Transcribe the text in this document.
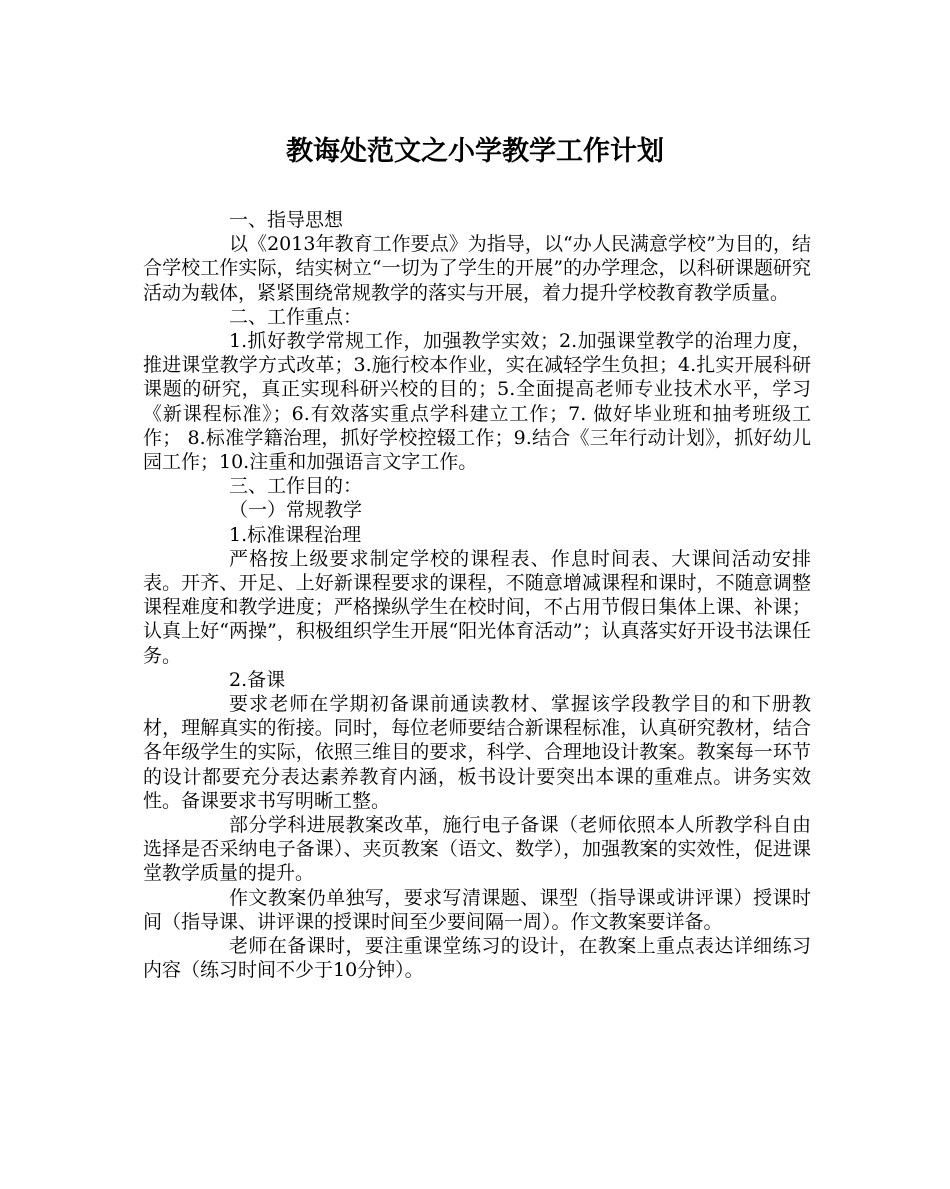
教诲处范文之小学教学工作计划

一、指导思想

以《2013年教育工作要点》为指导，以“办人民满意学校”为目的，结合学校工作实际，结实树立“一切为了学生的开展”的办学理念，以科研课题研究活动为载体，紧紧围绕常规教学的落实与开展，着力提升学校教育教学质量。

二、工作重点：

1.抓好教学常规工作，加强教学实效；2.加强课堂教学的治理力度，推进课堂教学方式改革；3.施行校本作业，实在减轻学生负担；4.扎实开展科研课题的研究，真正实现科研兴校的目的；5.全面提高老师专业技术水平，学习《新课程标准》；6.有效落实重点学科建立工作；7. 做好毕业班和抽考班级工作； 8.标准学籍治理，抓好学校控辍工作；9.结合《三年行动计划》，抓好幼儿园工作；10.注重和加强语言文字工作。

三、工作目的：

（一）常规教学

1.标准课程治理

严格按上级要求制定学校的课程表、作息时间表、大课间活动安排表。开齐、开足、上好新课程要求的课程，不随意增减课程和课时，不随意调整课程难度和教学进度；严格操纵学生在校时间，不占用节假日集体上课、补课；认真上好“两操”，积极组织学生开展“阳光体育活动”；认真落实好开设书法课任务。

2.备课

要求老师在学期初备课前通读教材、掌握该学段教学目的和下册教材，理解真实的衔接。同时，每位老师要结合新课程标准，认真研究教材，结合各年级学生的实际，依照三维目的要求，科学、合理地设计教案。教案每一环节的设计都要充分表达素养教育内涵，板书设计要突出本课的重难点。讲务实效性。备课要求书写明晰工整。

部分学科进展教案改革，施行电子备课（老师依照本人所教学科自由选择是否采纳电子备课）、夹页教案（语文、数学），加强教案的实效性，促进课堂教学质量的提升。

作文教案仍单独写，要求写清课题、课型（指导课或讲评课）授课时间（指导课、讲评课的授课时间至少要间隔一周）。作文教案要详备。

老师在备课时，要注重课堂练习的设计，在教案上重点表达详细练习内容（练习时间不少于10分钟）。
